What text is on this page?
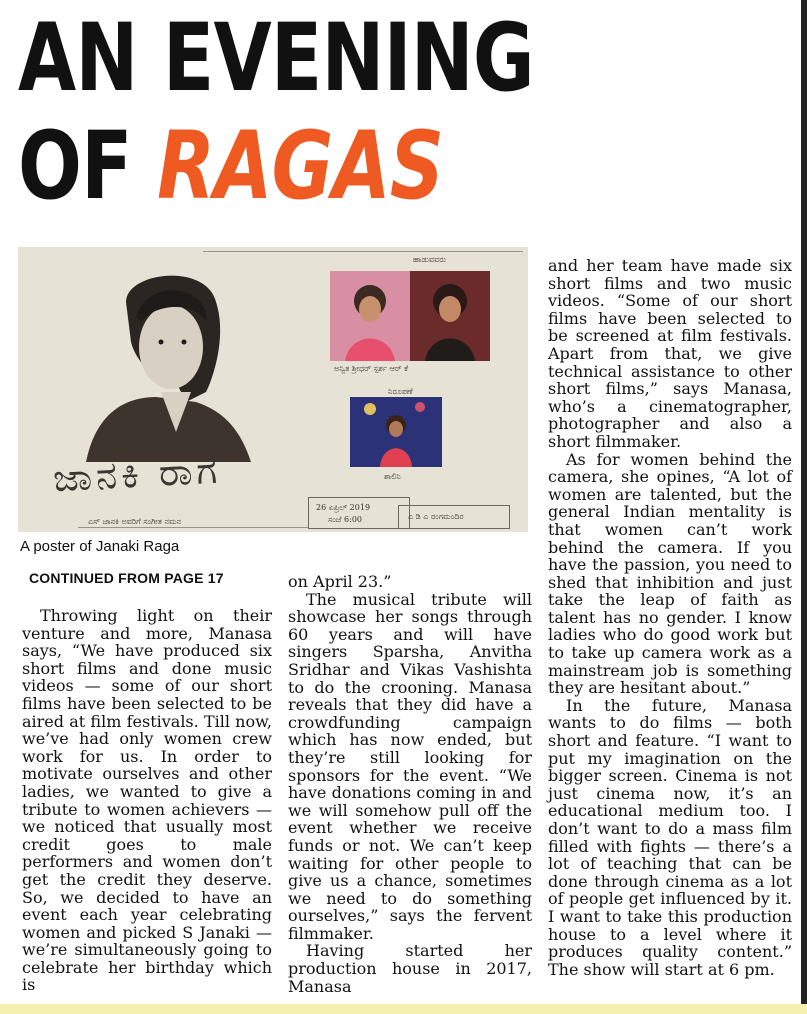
AN EVENING
OF RAGAS
ಜಾನಕಿ ರಾಗ
ಎಸ್ ಜಾನಕಿ ಅವರಿಗೆ ಸಂಗೀತ ನಮನ
ಅನ್ವಿತ ಶ್ರೀಧರ್ ಸ್ಪರ್ಶ ಆರ್ ಕೆ
ನಿರೂಪಣೆ
ಶಾಲಿನಿ
ಹಾಡುವವರು
26 ಏಪ್ರಿಲ್ 2019
ಸಂಜೆ 6:00	ಎ ಡಿ ಎ ರಂಗಮಂದಿರ
A poster of Janaki Raga
CONTINUED FROM PAGE 17

Throwing light on their venture and more, Manasa says, “We have produced six short films and done music videos — some of our short films have been selected to be aired at film festivals. Till now, we’ve had only women crew work for us. In order to motivate ourselves and other ladies, we wanted to give a tribute to women achievers — we noticed that usually most credit goes to male performers and women don’t get the credit they deserve. So, we decided to have an event each year celebrating women and picked S Janaki — we’re simultaneously going to celebrate her birthday which is

on April 23.”

The musical tribute will showcase her songs through 60 years and will have singers Sparsha, Anvitha Sridhar and Vikas Vashishta to do the crooning. Manasa reveals that they did have a crowdfunding campaign which has now ended, but they’re still looking for sponsors for the event. “We have donations coming in and we will somehow pull off the event whether we receive funds or not. We can’t keep waiting for other people to give us a chance, sometimes we need to do something ourselves,” says the fervent filmmaker.

Having started her production house in 2017, Manasa

and her team have made six short films and two music videos. “Some of our short films have been selected to be screened at film festivals. Apart from that, we give technical assistance to other short films,” says Manasa, who’s a cinematographer, photographer and also a short filmmaker.

As for women behind the camera, she opines, “A lot of women are talented, but the general Indian mentality is that women can’t work behind the camera. If you have the passion, you need to shed that inhibition and just take the leap of faith as talent has no gender. I know ladies who do good work but to take up camera work as a mainstream job is something they are hesitant about.”

In the future, Manasa wants to do films — both short and feature. “I want to put my imagination on the bigger screen. Cinema is not just cinema now, it’s an educational medium too. I don’t want to do a mass film filled with fights — there’s a lot of teaching that can be done through cinema as a lot of people get influenced by it. I want to take this production house to a level where it produces quality content.” The show will start at 6 pm.
